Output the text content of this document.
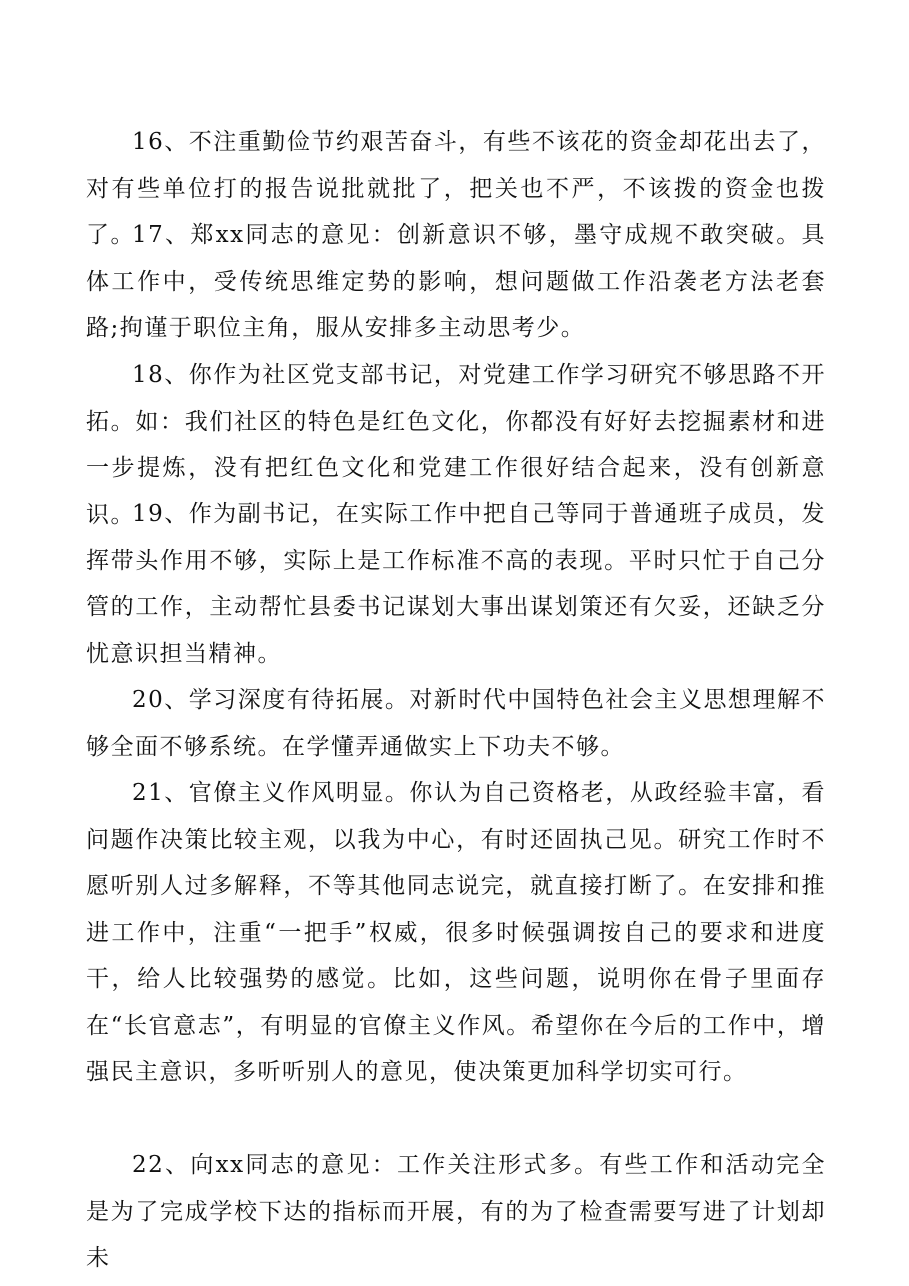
16、不注重勤俭节约艰苦奋斗，有些不该花的资金却花出去了，对有些单位打的报告说批就批了，把关也不严，不该拨的资金也拨了。

17、郑xx同志的意见：创新意识不够，墨守成规不敢突破。具体工作中，受传统思维定势的影响，想问题做工作沿袭老方法老套路;拘谨于职位主角，服从安排多主动思考少。

18、你作为社区党支部书记，对党建工作学习研究不够思路不开拓。如：我们社区的特色是红色文化，你都没有好好去挖掘素材和进一步提炼，没有把红色文化和党建工作很好结合起来，没有创新意识。

19、作为副书记，在实际工作中把自己等同于普通班子成员，发挥带头作用不够，实际上是工作标准不高的表现。平时只忙于自己分管的工作，主动帮忙县委书记谋划大事出谋划策还有欠妥，还缺乏分忧意识担当精神。

20、学习深度有待拓展。对新时代中国特色社会主义思想理解不够全面不够系统。在学懂弄通做实上下功夫不够。

21、官僚主义作风明显。你认为自己资格老，从政经验丰富，看问题作决策比较主观，以我为中心，有时还固执己见。研究工作时不愿听别人过多解释，不等其他同志说完，就直接打断了。在安排和推进工作中，注重“一把手”权威，很多时候强调按自己的要求和进度干，给人比较强势的感觉。比如，这些问题，说明你在骨子里面存在“长官意志”，有明显的官僚主义作风。希望你在今后的工作中，增强民主意识，多听听别人的意见，使决策更加科学切实可行。

22、向xx同志的意见：工作关注形式多。有些工作和活动完全是为了完成学校下达的指标而开展，有的为了检查需要写进了计划却未
